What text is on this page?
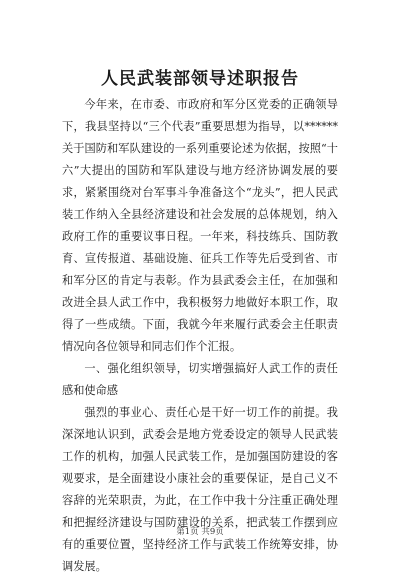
人民武装部领导述职报告

今年来，在市委、市政府和军分区党委的正确领导下，我县坚持以“三个代表”重要思想为指导，以******关于国防和军队建设的一系列重要论述为依据，按照“十六”大提出的国防和军队建设与地方经济协调发展的要求，紧紧围绕对台军事斗争准备这个“龙头”，把人民武装工作纳入全县经济建设和社会发展的总体规划，纳入政府工作的重要议事日程。一年来，科技练兵、国防教育、宣传报道、基础设施、征兵工作等先后受到省、市和军分区的肯定与表彰。作为县武委会主任，在加强和改进全县人武工作中，我积极努力地做好本职工作，取得了一些成绩。下面，我就今年来履行武委会主任职责情况向各位领导和同志们作个汇报。

一、强化组织领导，切实增强搞好人武工作的责任感和使命感

强烈的事业心、责任心是干好一切工作的前提。我深深地认识到，武委会是地方党委设定的领导人民武装工作的机构，加强人民武装工作，是加强国防建设的客观要求，是全面建设小康社会的重要保证，是自己义不容辞的光荣职责，为此，在工作中我十分注重正确处理和把握经济建设与国防建设的关系，把武装工作摆到应有的重要位置，坚持经济工作与武装工作统筹安排，协调发展。

第1页 共9页
